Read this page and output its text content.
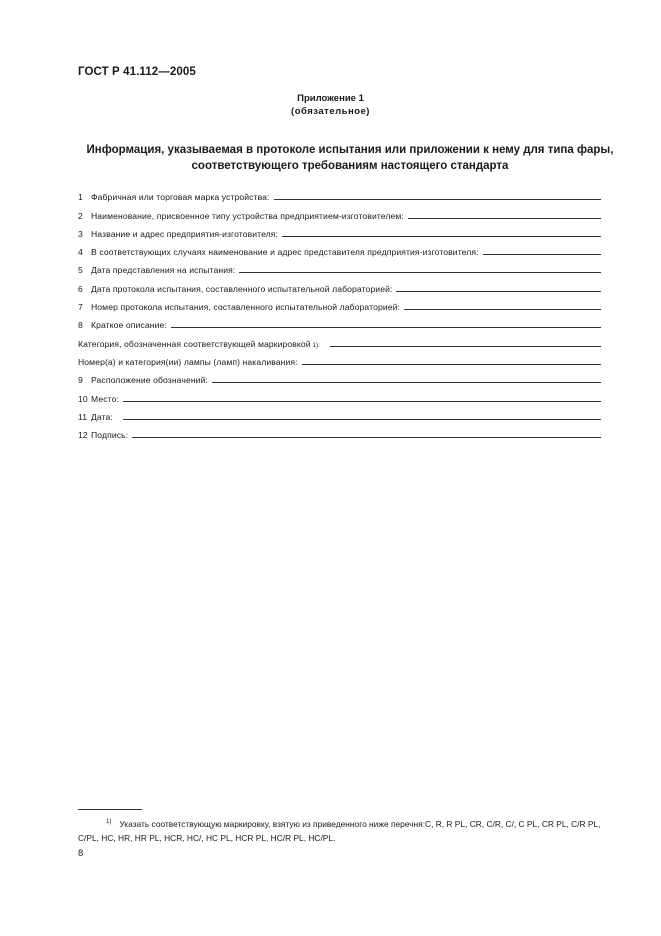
ГОСТ Р 41.112—2005
Приложение 1
(обязательное)
Информация, указываемая в протоколе испытания или приложении к нему для типа фары,
соответствующего требованиям настоящего стандарта
1 Фабричная или торговая марка устройства:
2 Наименование, присвоенное типу устройства предприятием-изготовителем:
3 Название и адрес предприятия-изготовителя:
4 В соответствующих случаях наименование и адрес представителя предприятия-изготовителя:
5 Дата представления на испытания:
6 Дата протокола испытания, составленного испытательной лабораторией:
7 Номер протокола испытания, составленного испытательной лабораторией:
8 Краткое описание:
Категория, обозначенная соответствующей маркировкой 1):
Номер(а) и категория(ии) лампы (ламп) накаливания:
9 Расположение обозначений:
10 Место:
11 Дата:
12 Подпись:
$^{1)}$ Указать соответствующую маркировку, взятую из приведенного ниже перечня:C, R, R PL, CR, C/R, C/, C PL, CR PL, C/R PL, C/PL, HC, HR, HR PL, HCR, HC/, HC PL, HCR PL, HC/R PL, HC/PL.
8
